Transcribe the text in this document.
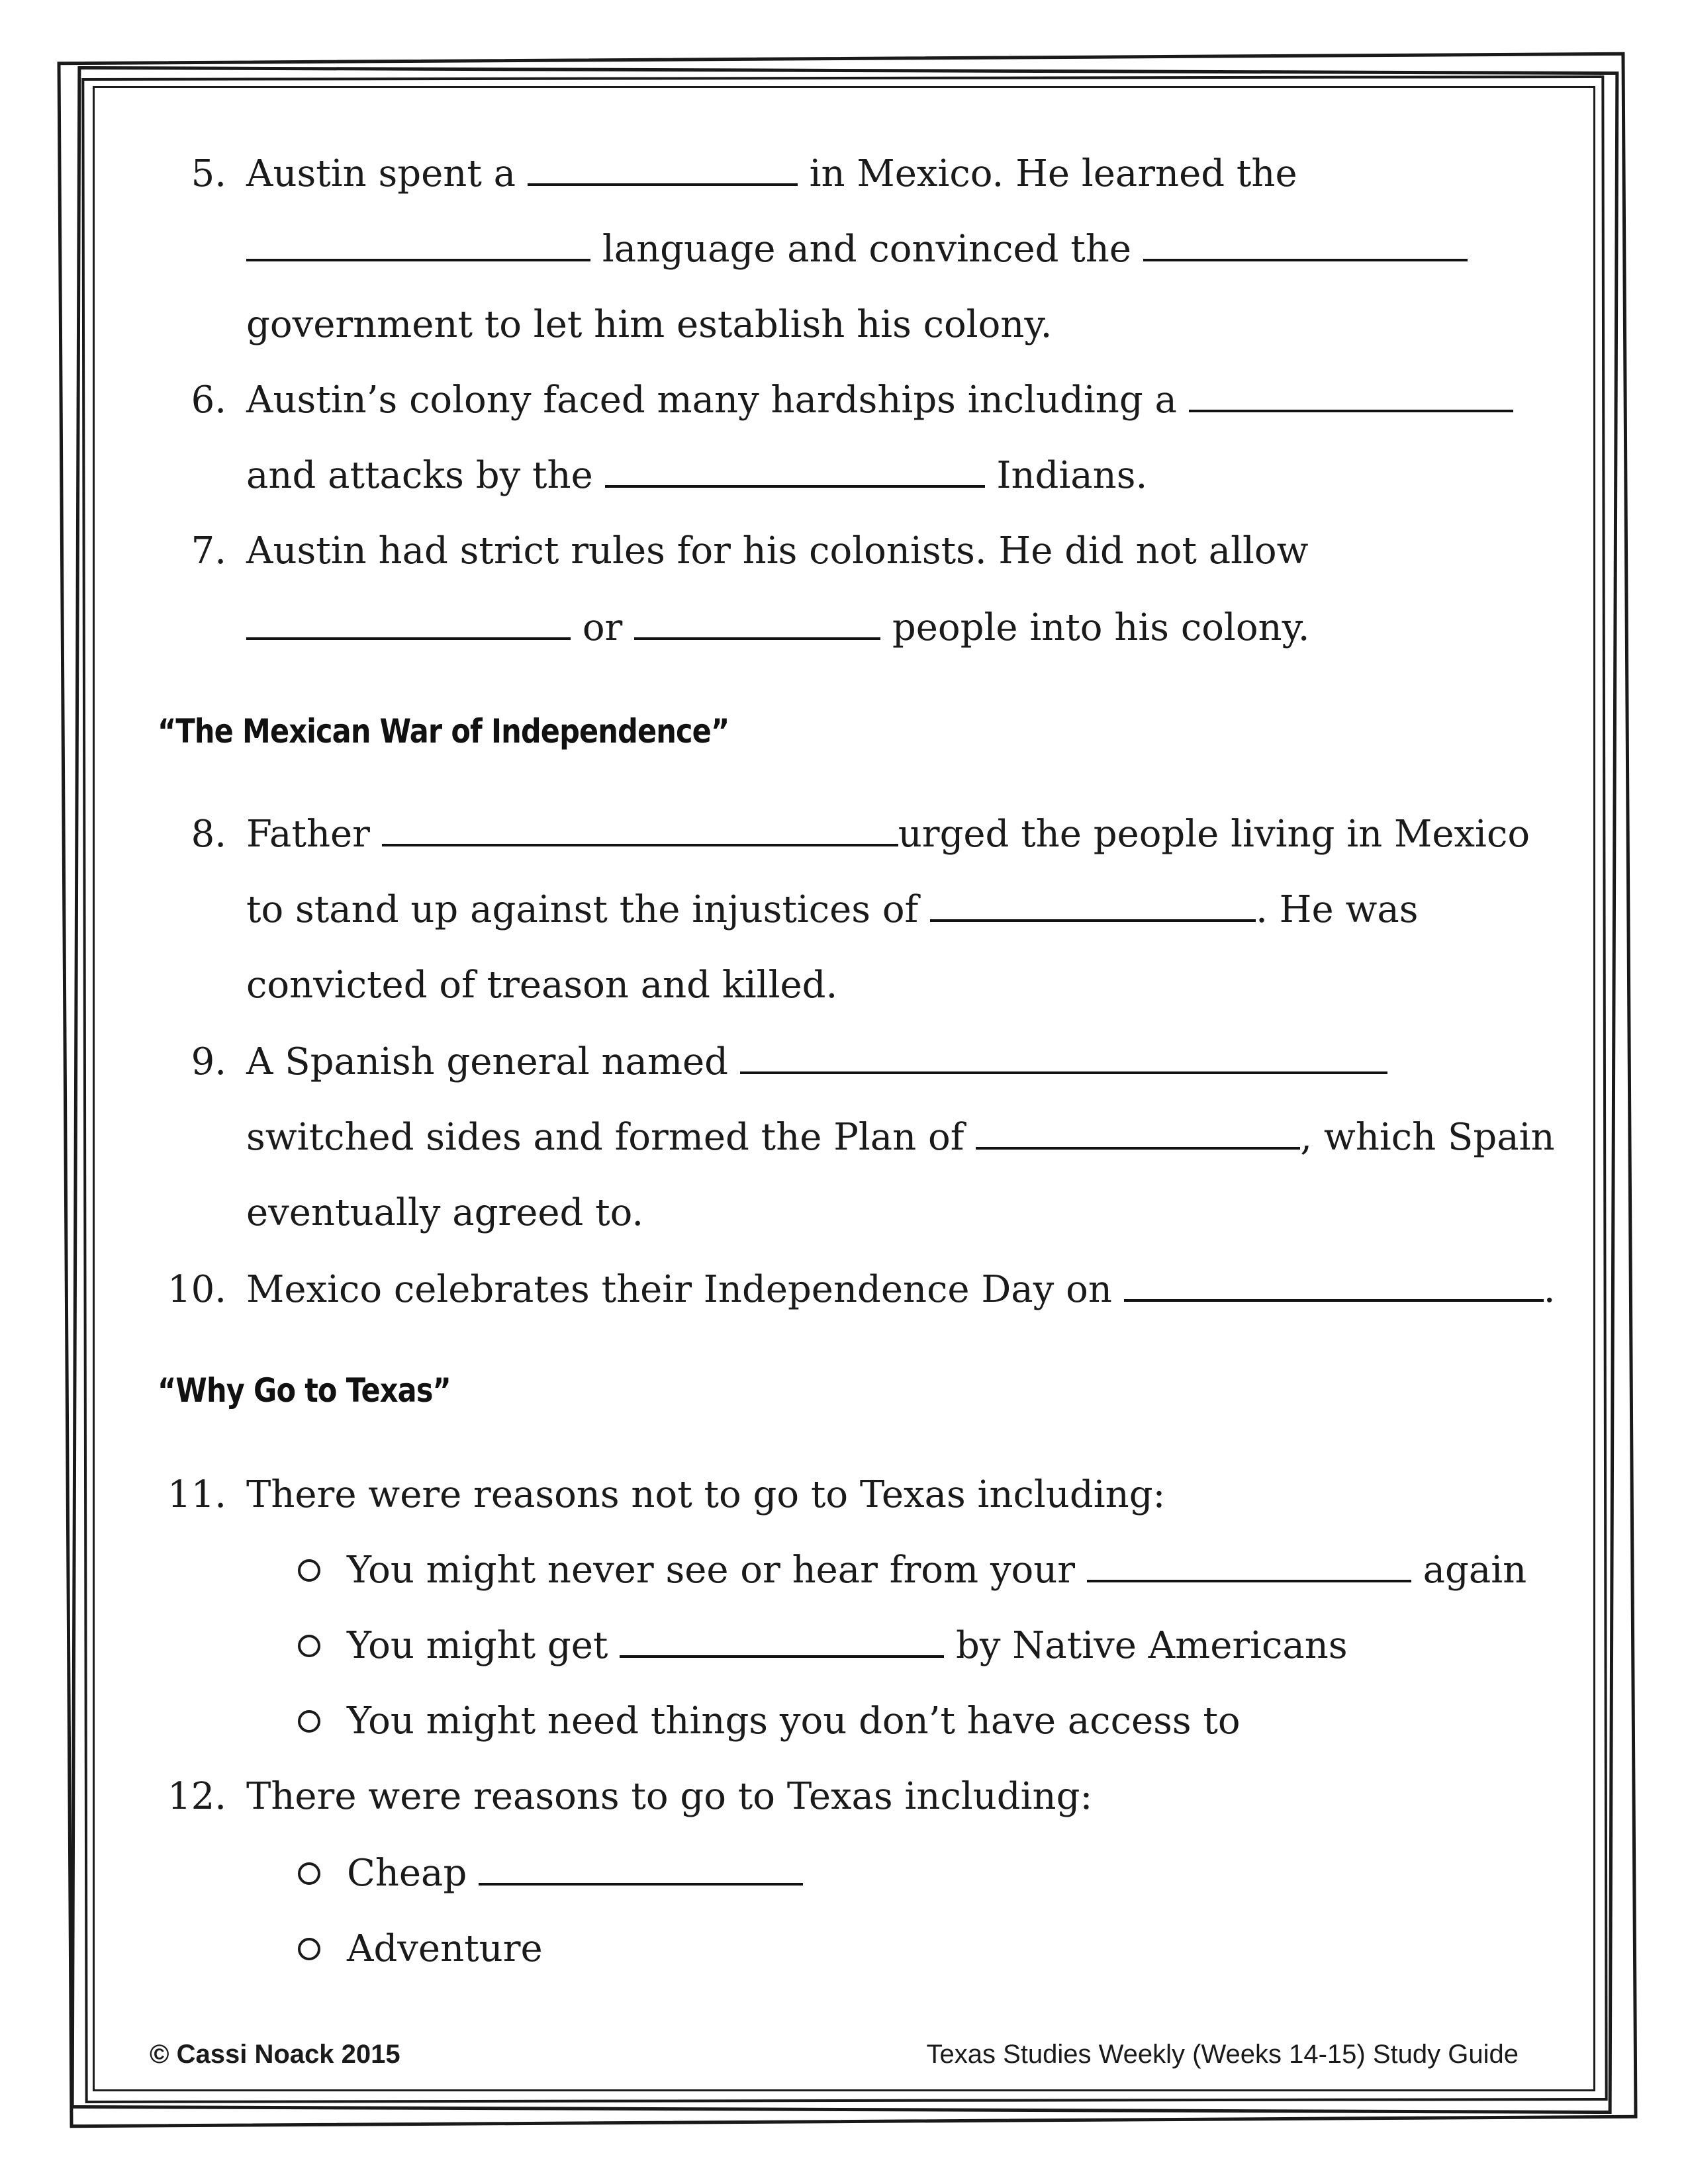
5. Austin spent a	in Mexico. He learned the
language and convinced the
government to let him establish his colony.
6. Austin’s colony faced many hardships including a
and attacks by the	Indians.
7. Austin had strict rules for his colonists. He did not allow
or	people into his colony.
“The Mexican War of Independence”
8. Father	urged the people living in Mexico
to stand up against the injustices of	. He was
convicted of treason and killed.
9. A Spanish general named
switched sides and formed the Plan of	, which Spain
eventually agreed to.
10. Mexico celebrates their Independence Day on	.
“Why Go to Texas”
11. There were reasons not to go to Texas including:
You might never see or hear from your	again
You might get	by Native Americans
You might need things you don’t have access to
12. There were reasons to go to Texas including:
Cheap
Adventure
© Cassi Noack 2015	Texas Studies Weekly (Weeks 14-15) Study Guide
